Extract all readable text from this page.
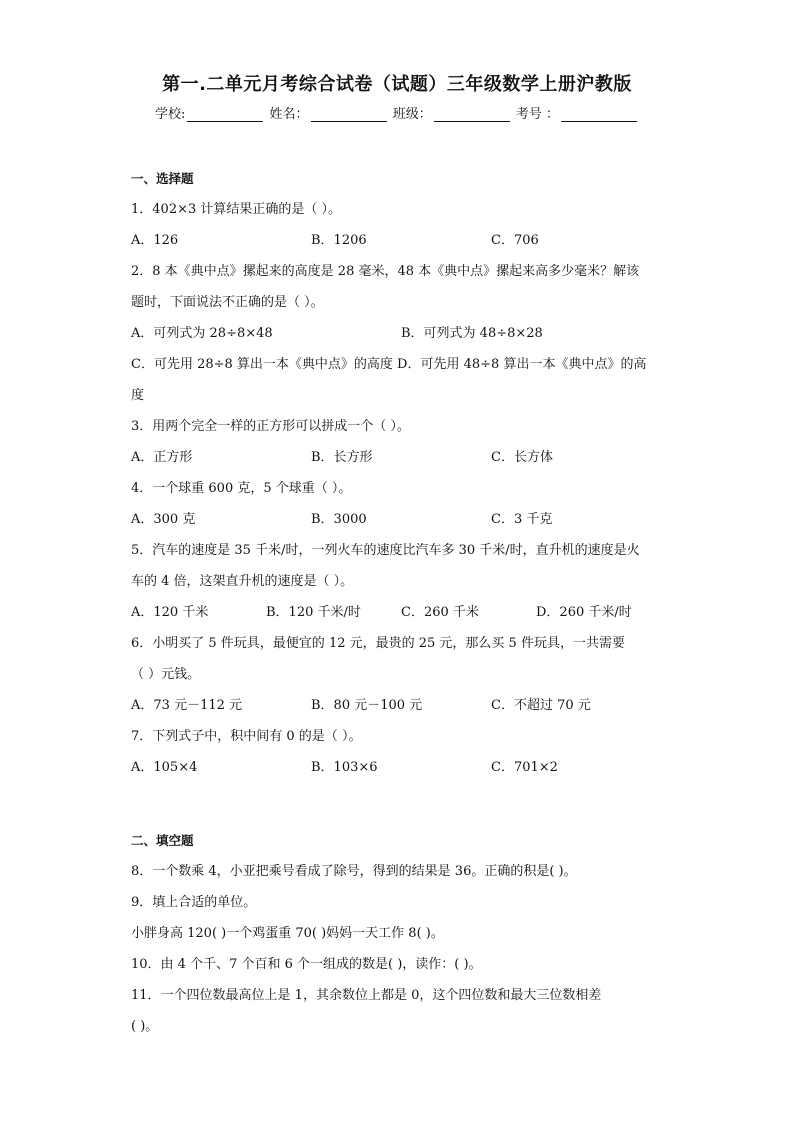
第一.二单元月考综合试卷（试题）三年级数学上册沪教版
学校:	姓名：	班级：	考号 ：
一、选择题
1．402×3 计算结果正确的是（ ）。
A．126	B．1206	C．706
2．8 本《典中点》摞起来的高度是 28 毫米，48 本《典中点》摞起来高多少毫米？解该
题时，下面说法不正确的是（ ）。
A．可列式为 28÷8×48	B．可列式为 48÷8×28
C．可先用 28÷8 算出一本《典中点》的高度 D．可先用 48÷8 算出一本《典中点》的高
度
3．用两个完全一样的正方形可以拼成一个（ ）。
A．正方形	B．长方形	C．长方体
4．一个球重 600 克，5 个球重（ ）。
A．300 克	B．3000	C．3 千克
5．汽车的速度是 35 千米/时，一列火车的速度比汽车多 30 千米/时，直升机的速度是火
车的 4 倍，这架直升机的速度是（ ）。
A．120 千米	B．120 千米/时	C．260 千米	D．260 千米/时
6．小明买了 5 件玩具，最便宜的 12 元，最贵的 25 元，那么买 5 件玩具，一共需要
（ ）元钱。
A．73 元－112 元	B．80 元－100 元	C．不超过 70 元
7．下列式子中，积中间有 0 的是（ ）。
A．105×4	B．103×6	C．701×2
二、填空题
8．一个数乘 4，小亚把乘号看成了除号，得到的结果是 36。正确的积是( )。
9．填上合适的单位。
小胖身高 120( )一个鸡蛋重 70( )妈妈一天工作 8( )。
10．由 4 个千、7 个百和 6 个一组成的数是( )，读作：( )。
11．一个四位数最高位上是 1，其余数位上都是 0，这个四位数和最大三位数相差
( )。
